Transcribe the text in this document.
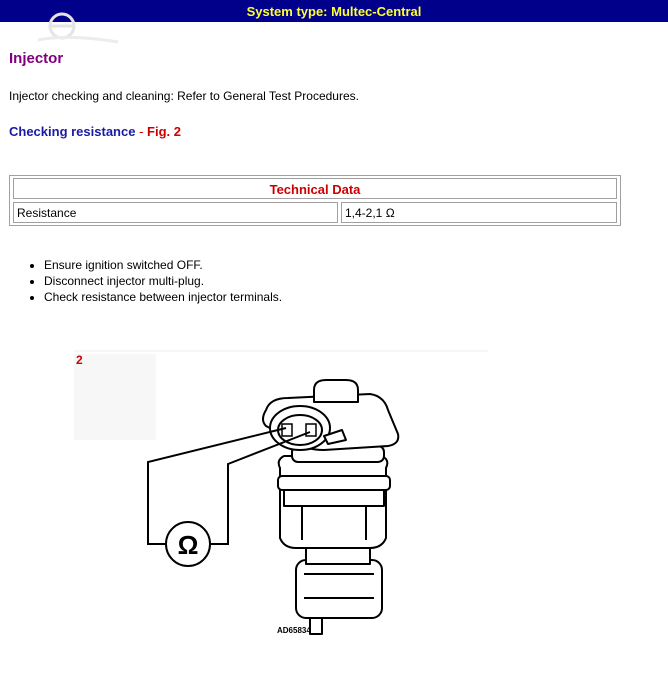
System type: Multec-Central
Injector
Injector checking and cleaning: Refer to General Test Procedures.
Checking resistance - Fig. 2
Technical Data
Resistance	1,4-2,1 Ω
• Ensure ignition switched OFF.
• Disconnect injector multi-plug.
• Check resistance between injector terminals.
Ω
2
AD65834
